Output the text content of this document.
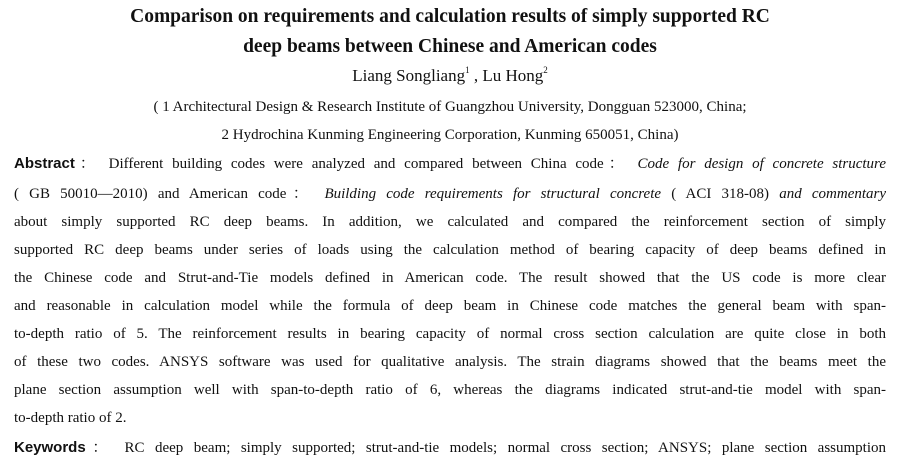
Comparison on requirements and calculation results of simply supported RC
deep beams between Chinese and American codes
Liang Songliang$^1$ , Lu Hong$^2$
( 1 Architectural Design & Research Institute of Guangzhou University, Dongguan 523000, China;
2 Hydrochina Kunming Engineering Corporation, Kunming 650051, China)
Abstract： Different building codes were analyzed and compared between China code： Code for design of concrete structure
( GB 50010—2010) and American code： Building code requirements for structural concrete ( ACI 318-08) and commentary
about simply supported RC deep beams. In addition, we calculated and compared the reinforcement section of simply
supported RC deep beams under series of loads using the calculation method of bearing capacity of deep beams defined in
the Chinese code and Strut-and-Tie models defined in American code. The result showed that the US code is more clear
and reasonable in calculation model while the formula of deep beam in Chinese code matches the general beam with span-
to-depth ratio of 5. The reinforcement results in bearing capacity of normal cross section calculation are quite close in both
of these two codes. ANSYS software was used for qualitative analysis. The strain diagrams showed that the beams meet the
plane section assumption well with span-to-depth ratio of 6, whereas the diagrams indicated strut-and-tie model with span-
to-depth ratio of 2.
Keywords： RC deep beam; simply supported; strut-and-tie models; normal cross section; ANSYS; plane section assumption
